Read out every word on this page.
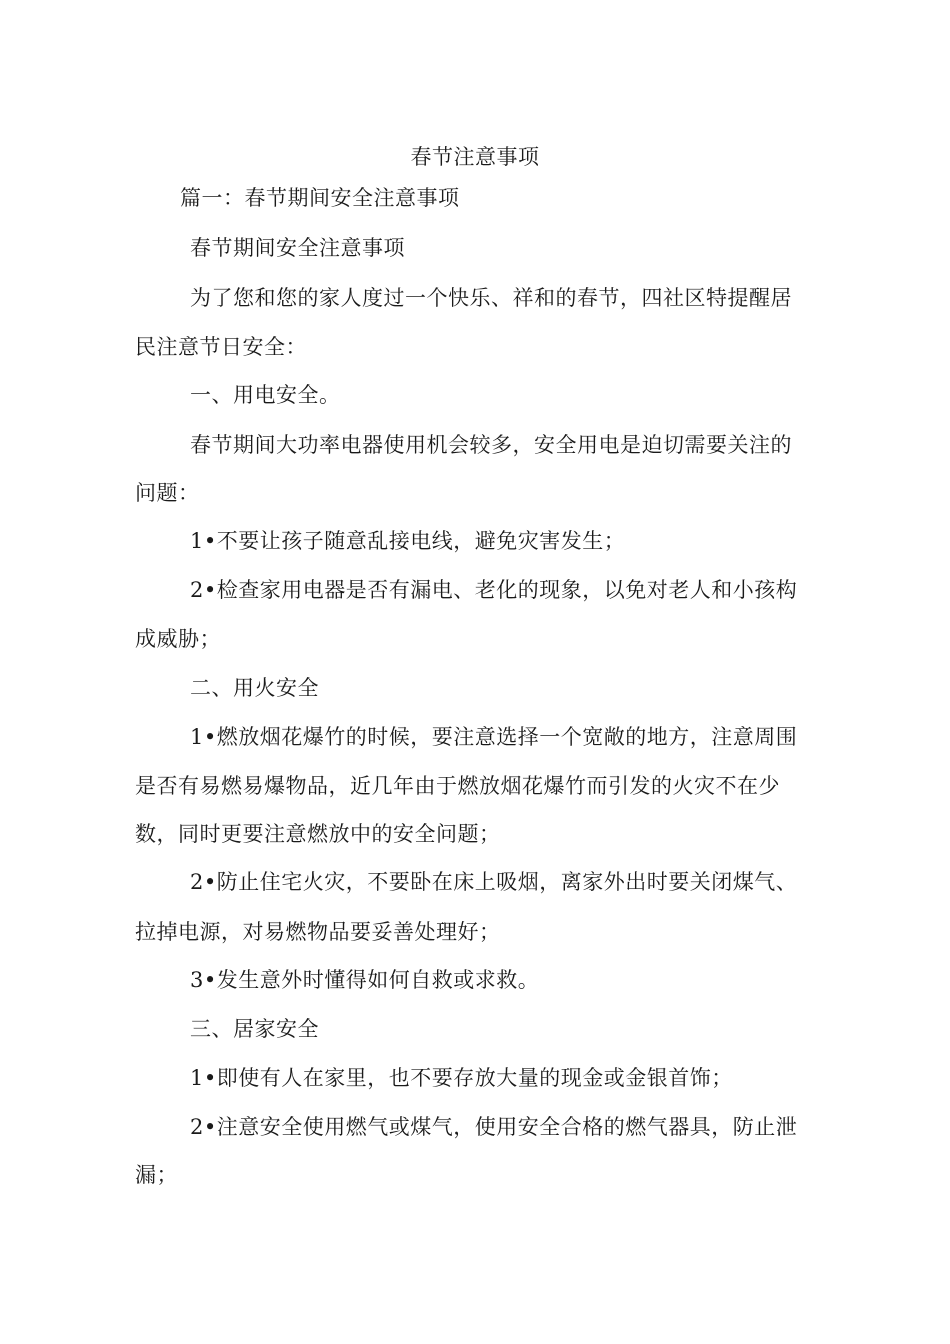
春节注意事项
篇一：春节期间安全注意事项
春节期间安全注意事项
为了您和您的家人度过一个快乐、祥和的春节，四社区特提醒居
民注意节日安全：
一、用电安全。
春节期间大功率电器使用机会较多，安全用电是迫切需要关注的
问题：
1•不要让孩子随意乱接电线，避免灾害发生；
2•检查家用电器是否有漏电、老化的现象，以免对老人和小孩构
成威胁；
二、用火安全
1•燃放烟花爆竹的时候，要注意选择一个宽敞的地方，注意周围
是否有易燃易爆物品，近几年由于燃放烟花爆竹而引发的火灾不在少
数，同时更要注意燃放中的安全问题；
2•防止住宅火灾，不要卧在床上吸烟，离家外出时要关闭煤气、
拉掉电源，对易燃物品要妥善处理好；
3•发生意外时懂得如何自救或求救。
三、居家安全
1•即使有人在家里，也不要存放大量的现金或金银首饰；
2•注意安全使用燃气或煤气，使用安全合格的燃气器具，防止泄
漏；
